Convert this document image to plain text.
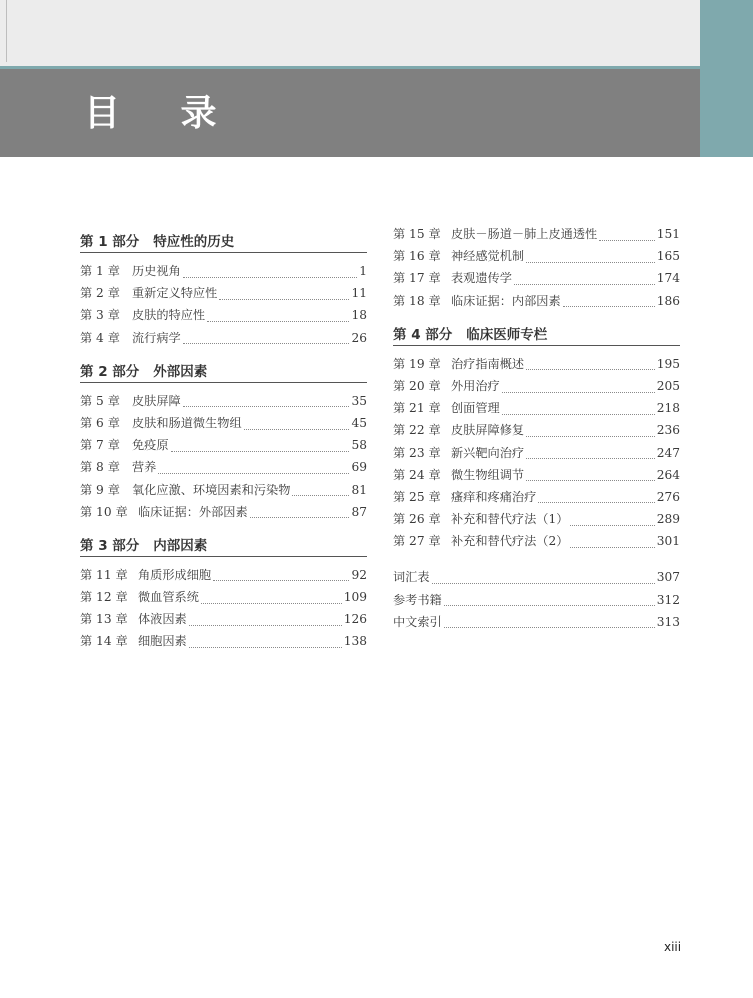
目 录
第 1 部分 特应性的历史
第 1 章 历史视角	1
第 2 章 重新定义特应性	11
第 3 章 皮肤的特应性	18
第 4 章 流行病学	26
第 2 部分 外部因素
第 5 章 皮肤屏障	35
第 6 章 皮肤和肠道微生物组	45
第 7 章 免疫原	58
第 8 章 营养	69
第 9 章 氧化应激、环境因素和污染物	81
第 10 章 临床证据：外部因素	87
第 3 部分 内部因素
第 11 章 角质形成细胞	92
第 12 章 微血管系统	109
第 13 章 体液因素	126
第 14 章 细胞因素	138
第 15 章 皮肤－肠道－肺上皮通透性	151
第 16 章 神经感觉机制	165
第 17 章 表观遗传学	174
第 18 章 临床证据：内部因素	186
第 4 部分 临床医师专栏
第 19 章 治疗指南概述	195
第 20 章 外用治疗	205
第 21 章 创面管理	218
第 22 章 皮肤屏障修复	236
第 23 章 新兴靶向治疗	247
第 24 章 微生物组调节	264
第 25 章 瘙痒和疼痛治疗	276
第 26 章 补充和替代疗法（1）	289
第 27 章 补充和替代疗法（2）	301
词汇表	307
参考书籍	312
中文索引	313
xiii
